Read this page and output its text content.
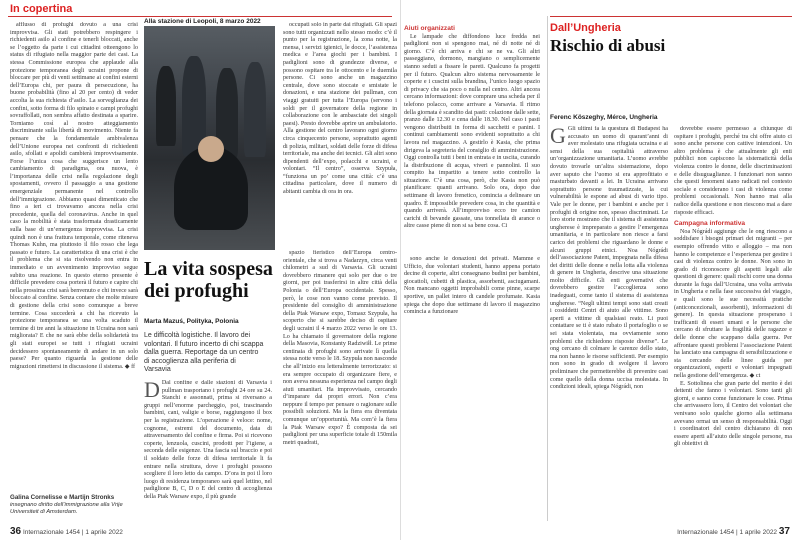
In copertina

afflusso di profughi dovuto a una crisi improvvisa. Gli stati potrebbero respingere i richiedenti asilo al confine e tenerli bloccati, anche se l’oggetto da parte i cui cittadini otteengono lo status di rifugiato nella maggior parte dei casi. La stessa Commissione europea che applaude alla protezione temporanea degli ucraini propone di bloccare per più di venti settimane ai confini esterni dell’Europa chi, per paura di persecuzione, ha buone probabilità (fino al 20 per cento) di veder accolta la sua richiesta d’asilo. La sorveglianza dei confini, sotto forma di filo spinato e campi profughi sovraffollati, non sembra affatto destinata a sparire. Torniamo così al nostro atteggiamento discriminante sulla libertà di movimento. Niente fa pensare che la fondamentale ambivalenza dell’Unione europea nei confronti di richiedenti asilo, sfollati e apolidi cambierà improvvisamente. Forse l’unica cosa che suggerisce un lento cambiamento di paradigma, ora nuova, è l’importanza delle crisi nella regolazione degli spostamenti, ovvero il passaggio a una gestione emergenziale permanente nel controllo dell’immigrazione. Abbiamo quasi dimenticato che fino a ieri ci trovavamo ancora nella crisi precedente, quella del coronavirus. Anche in quel caso la mobilità è stata trasformata drasticamente sulla base di un’emergenza improvvisa. La crisi quindi non è una frattura temporale, come riteneva Thomas Kuhn, ma piuttosto il filo rosso che lega passato e futuro. La caratteristica di una crisi è che il problema che si sta risolvendo non entra in immediato e un avvenimento improvviso segue subito una reazione. In questo eterno presente è difficile prevedere cosa porterà il futuro e capire chi nella prossima crisi sarà benvenuto e chi invece sarà bloccato al confine. Senza contare che molte misure di gestione della crisi sono comunque a breve termine. Cosa succederà a chi ha ricevuto la protezione temporanea se una volta scaduto il termine di tre anni la situazione in Ucraina non sarà migliorata? E che ne sarà ebbe della solidarietà tra gli stati europei se tutti i rifugiati ucraini decidessero spontaneamente di andare in un solo paese? Per quanto riguarda la gestione delle migrazioni rimettersi in discussione il sistema. ◆ ff

Galina Cornelisse e Martijn Stronks
insegnano diritto dell’immigrazione alla Vrije Universiteit di Amsterdam.
Alla stazione di Leopoli, 8 marzo 2022
La vita sospesa dei profughi
Marta Mazuś, Polityka, Polonia
Le difficoltà logistiche. Il lavoro dei volontari. Il futuro incerto di chi scappa dalla guerra. Reportage da un centro di accoglienza alla periferia di Varsavia
D Dal confine e dalle stazioni di Varsavia i pullman trasportano i profughi 24 ore su 24. Stanchi e assonnati, prima si riversano a gruppi nell’enorme parcheggio, poi, trascinando bambini, cani, valigie e borse, raggiungono il box per la registrazione. L’operazione è veloce: nome, cognome, estremi del documento, data di attraversamento del confine e firma. Poi si ricevono coperte, lenzuola, cuscini, prodotti per l’igiene, a seconda delle esigenze. Una fascia sul braccio e poi il soldato delle forze di difesa territoriale li fa entrare nella struttura, dove i profughi possono scegliere il loro letto da campo. D’ora in poi il loro luogo di residenza temporaneo sarà quel lettino, nel padiglione B, C, D o E del centro di accoglienza della Ptak Warsaw expo, il più grande

spazio fieristico dell’Europa centro-orientale, che si trova a Nadarzyn, circa venti chilometri a sud di Varsavia. Gli ucraini dovrebbero rimanere qui solo per due o tre giorni, per poi trasferirsi in altre città della Polonia o dell’Europa occidentale. Spesso, però, le cose non vanno come previsto. Il presidente del consiglio di amministrazione della Ptak Warsaw expo, Tomasz Szypuła, ha scoperto che si sarebbe deciso di ospitare degli ucraini il 4 marzo 2022 verso le ore 13. Lo ha chiamato il governatore della regione della Masovia, Konstanty Radziwiłł. Le prime centinaia di profughi sono arrivate lì quella stessa notte verso le 18. Szypuła non nasconde che all’inizio era letteralmente terrorizzato: si era sempre occupato di organizzare fiere, e non aveva nessuna esperienza nel campo degli aiuti umanitari. Ha improvvisato, cercando d’imparare dai propri errori. Non c’era neppure il tempo per pensare o ragionare sulle possibili soluzioni. Ma la fiera era diventata comunque un’opportunità. Ma com’è la fiera la Ptak Warsaw expo? È composta da sei padiglioni per una superficie totale di 150mila metri quadrati,

occupati solo in parte dai rifugiati. Gli spazi sono tutti organizzati nello stesso modo: c’è il punto per la registrazione, la zona notte, la mensa, i servizi igienici, le docce, l’assistenza medica e l’area giochi per i bambini. I padiglioni sono di grandezze diverse, e possono ospitare tra le ottocento e le duemila persone. Ci sono anche un magazzino centrale, dove sono stoccate e smistate le donazioni, e una stazione dei pullman, con viaggi gratuiti per tutta l’Europa (servono i soldi per il governatore della regione in collaborazione con le ambasciate dei singoli paesi). Presto dovrebbe aprire un ambulatorio. Alla gestione del centro lavorano ogni giorno circa cinquecento persone, soprattutto agenti di polizia, militari, soldati delle forze di difesa territoriale, ma anche dei tecnici. Gli altri sono dipendenti dell’expo, polacchi e ucraini, e volontari. “Il centro”, osserva Szypuła, “funziona un po’ come una città: c’è una cittadina particolare, dove il numero di abitanti cambia di ora in ora.

Aiuti organizzati

Le lampade che diffondono luce fredda nei padiglioni non si spengono mai, né di notte né di giorno. C’è chi arriva e chi se ne va. Gli altri passeggiano, dormono, mangiano o semplicemente stanno seduti a fissare le pareti. Qualcuno fa progetti per il futuro. Qualcun altro sistema nervosamente le coperte e i cuscini sulla brandina, l’unico luogo spazio di privacy che sia poco o nulla nel centro. Altri ancora cercano informazioni: dove comprare una scheda per il telefono polacco, come arrivare a Varsavia. Il ritmo della giornata è scandito dai pasti: colazione dalle sette, pranzo dalle 12.30 e cena dalle 18.30. Nel caso i pasti vengono distribuiti in forma di sacchetti e panini. I continui cambiamenti sono evidenti soprattutto a chi lavora nel magazzino. A gestirlo è Kasia, che prima dirigeva la segreteria del consiglio di amministrazione. Oggi controlla tutti i beni in entrata e in uscita, curando la distribuzione di acqua, viveri e pannolini. Il suo compito ha impartito a tenere sotto controllo la situazione. C’è una cosa, però, che Kasia non può pianificare: quanti arrivano. Solo ora, dopo due settimane di lavoro frenetico, comincia a delineare un quadro. È impossibile prevedere cosa, in che quantità e quando arriverà. All’improvviso ecco tre camion carichi di bevande gassate, una tonnellata di arance o altre casse piene di non si sa bene cosa. Ci

sono anche le donazioni dei privati. Mamme e Ufficio, due volontari studenti, hanno appena portato decine di coperte, altri consegnano budini per bambini, giocattoli, cubetti di plastica, assorbenti, asciugamani. Non mancano oggetti improbabili come pinne, scarpe sportive, un pallet intero di candele profumate. Kasia spiega che dopo due settimane di lavoro il magazzino comincia a funzionare

Dall’Ungheria
Rischio di abusi
Ferenc Köszeghy, Mérce, Ungheria
G Gli ultimi fa la questura di Budapest ha accusato un uomo di quarant’anni di aver molestato una rifugiata ucraina e ai sensi della sua ospitalità attraverso un’organizzazione umanitaria. L’uomo avrebbe dovuto trovarle un’altra sistemazione, dopo aver saputo che l’uomo si era approfittato e masturbato davanti a lei. In Ucraina arrivano soprattutto persone traumatizzate, la cui vulnerabilità le espone ad abusi di vario tipo. Vale per le donne, per i bambini e anche per i profughi di origine non, spesso discriminati. Le loro storie mostrano che il sistema di assistenza ungherese è impreparato a gestire l’emergenza umanitaria, e in particolare non riesce a farsi carico dei problemi che riguardano le donne e alcuni gruppi etnici. Noa Nógrádi dell’associazione Patent, impegnata nella difesa dei diritti delle donne e nella lotta alla violenza di genere in Ungheria, descrive una situazione molto difficile. Gli enti governativi che dovrebbero gestire l’accoglienza sono inadeguati, come tanto il sistema di assistenza ungherese. “Negli ultimi tempi sono stati creati i cosiddetti Centri di aiuto alle vittime. Sono aperti a vittime di qualsiasi reato. Li puoi contattare se ti è stato rubato il portafoglio o se sei stata violentata, ma ovviamente sono problemi che richiedono risposte diverse”. Le ong cercano di colmare le carenze dello stato, ma non hanno le risorse sufficienti. Per esempio non sono in grado di svolgere il lavoro preliminare che permetterebbe di prevenire casi come quello della donna uccisa molestata. In condizioni ideali, spiega Nógrádi, non

dovrebbe essere permesso a chiunque di ospitare i profughi, perché tra chi offre aiuto ci sono anche persone con cattive intenzioni. Un altro problema è che attualmente gli enti pubblici non capiscono la sistematicità della violenza contro le donne, delle discriminazioni e delle disuguaglianze. I funzionari non sanno che questi fenomeni siano radicati nel contesto sociale e considerano i casi di violenza come problemi occasionali. Non hanno mai alla radice della questione e non riescono mai a dare risposte efficaci.

Campagna informativa

Noa Nógrádi aggiunge che le ong riescono a soddisfare i bisogni primari dei migranti – per esempio offrendo vitto e alloggio – ma non hanno le competenze e l’esperienza per gestire i casi di violenza contro le donne. Non sono in grado di riconoscere gli aspetti legali alle questioni di genere: quali rischi corre una donna durante la fuga dall’Ucraina, una volta arrivata in Ungheria e nella fase successiva del viaggio, e quali sono le sue necessità pratiche (anticoncezionali, assorbenti), informazioni di genere). In questa situazione prosperano i trafficanti di esseri umani e le persone che cercano di sfruttare la fragilità delle ragazze e delle donne che scappano dalla guerra. Per affrontare questi problemi l’associazione Patent ha lanciato una campagna di sensibilizzazione e sta cercando delle linee guida per organizzazioni, esperti e volontari impegnati nella gestione dell’emergenza. ◆ ct

E. Sottolinea che gran parte del merito è dei dettenti che fanno i volontari. Sono tanti gli giorni, e sanno come funzionare le cose. Prima che arrivassero loro, il Centro dei volontari che venivano solo qualche giorno alla settimana avevano ormai un senso di responsabilità. Oggi i coordinatori del centro dichiarano di non essere aperti all’aiuto delle singole persone, ma gli obiettivi di

36 Internazionale 1454 | 1 aprile 2022	Internazionale 1454 | 1 aprile 2022 37
